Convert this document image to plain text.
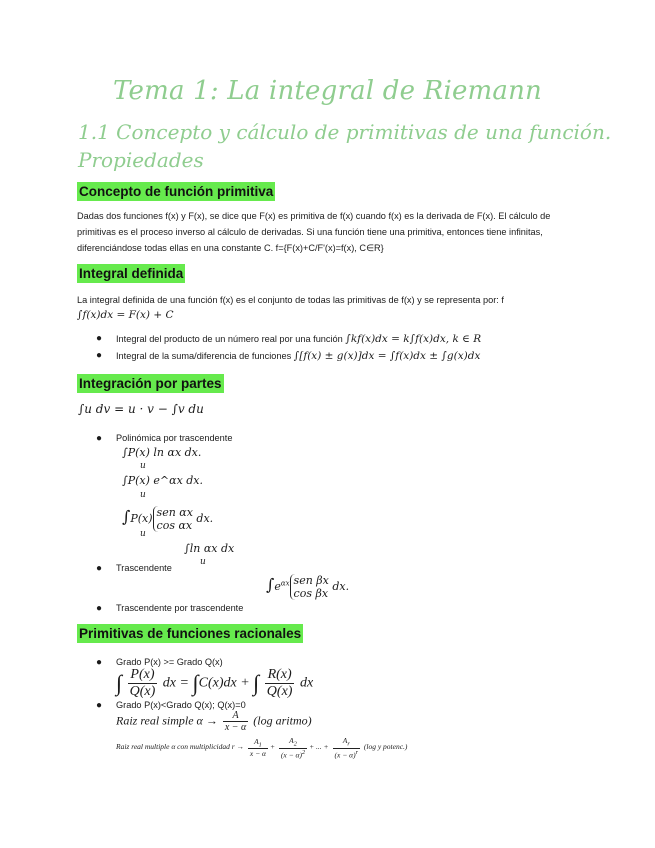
Tema 1: La integral de Riemann
1.1 Concepto y cálculo de primitivas de una función. Propiedades
Concepto de función primitiva

Dadas dos funciones f(x) y F(x), se dice que F(x) es primitiva de f(x) cuando f(x) es la derivada de F(x). El cálculo de primitivas es el proceso inverso al cálculo de derivadas. Si una función tiene una primitiva, entonces tiene infinitas, diferenciándose todas ellas en una constante C. f={F(x)+C/F'(x)=f(x), C∈R}

Integral definida
La integral definida de una función f(x) es el conjunto de todas las primitivas de f(x) y se representa por: f
∫f(x)dx = F(x) + C
● Integral del producto de un número real por una función ∫kf(x)dx = k∫f(x)dx, k ∈ R
● Integral de la suma/diferencia de funciones ∫[f(x) ± g(x)]dx = ∫f(x)dx ± ∫g(x)dx
Integración por partes
∫u dv = u · v − ∫v du
● Polinómica por trascendente
∫P(x) ln αx dx.
u
∫P(x) e^αx dx.
u
∫P(x) sen αx
cos αx
dx.
u
∫ln αx dx
u
● Trascendente
$\int e^{\alpha x}$ sen βx
cos βx
dx.
● Trascendente por trascendente
Primitivas de funciones racionales
● Grado P(x) >= Grado Q(x)
∫ $\frac{P(x)}{Q(x)}$ dx = ∫C(x)dx + ∫ $\frac{R(x)}{Q(x)}$ dx
● Grado P(x)<Grado Q(x); Q(x)=0
Raiz real simple $\alpha \to \frac{A}{x - \alpha} (\log$ aritmo)
Raiz real multiple α con multiplicidad $r \to \frac{A_1}{x - \alpha} + \frac{A_2}{(x - \alpha)^2}$ + ... + $\frac{A_r}{(x - \alpha)^r} (\log$ y potenc.)
